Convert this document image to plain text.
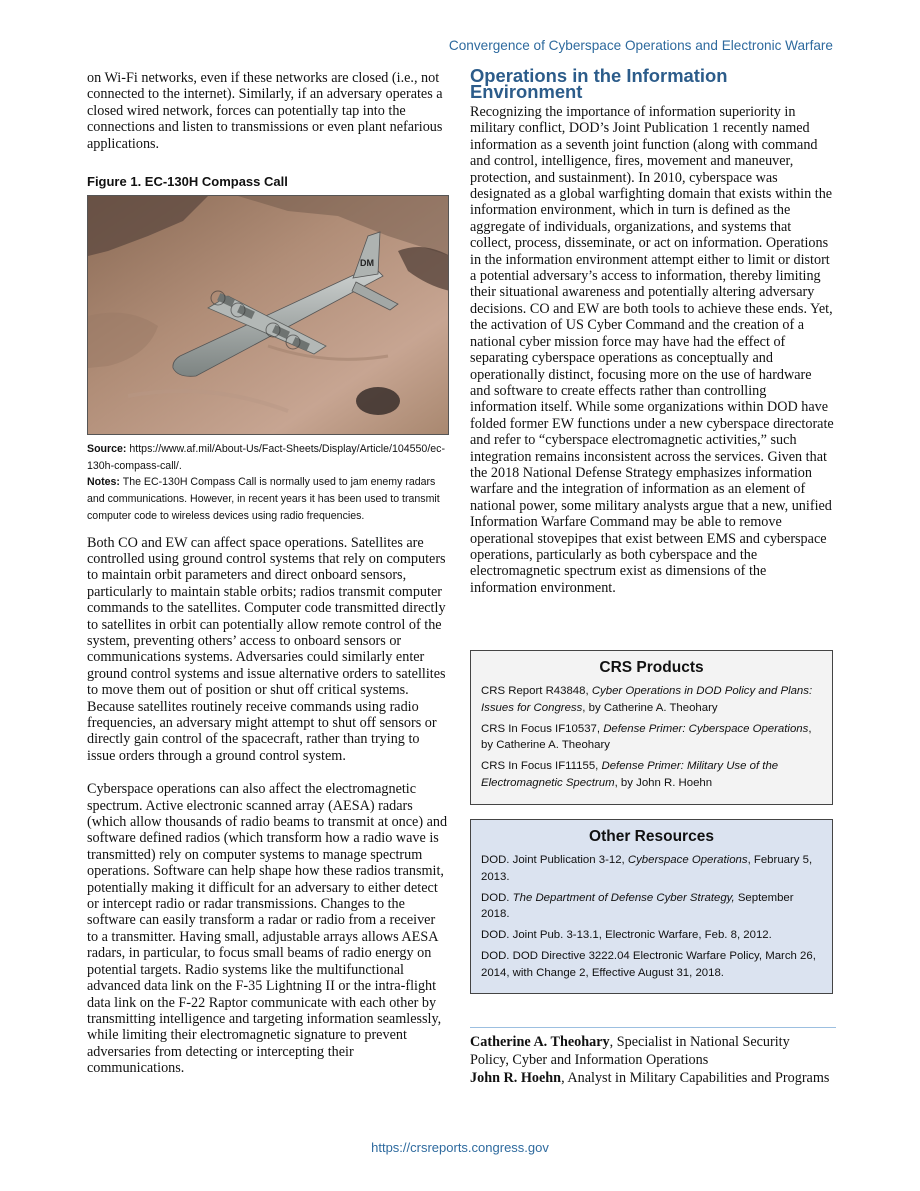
Convergence of Cyberspace Operations and Electronic Warfare

on Wi-Fi networks, even if these networks are closed (i.e., not connected to the internet). Similarly, if an adversary operates a closed wired network, forces can potentially tap into the connections and listen to transmissions or even plant nefarious applications.

Figure 1. EC-130H Compass Call
DM

Source: https://www.af.mil/About-Us/Fact-Sheets/Display/Article/104550/ec-130h-compass-call/.

Notes: The EC-130H Compass Call is normally used to jam enemy radars and communications. However, in recent years it has been used to transmit computer code to wireless devices using radio frequencies.

Both CO and EW can affect space operations. Satellites are controlled using ground control systems that rely on computers to maintain orbit parameters and direct onboard sensors, particularly to maintain stable orbits; radios transmit computer commands to the satellites. Computer code transmitted directly to satellites in orbit can potentially allow remote control of the system, preventing others’ access to onboard sensors or communications systems. Adversaries could similarly enter ground control systems and issue alternative orders to satellites to move them out of position or shut off critical systems. Because satellites routinely receive commands using radio frequencies, an adversary might attempt to shut off sensors or directly gain control of the spacecraft, rather than trying to issue orders through a ground control system.

Cyberspace operations can also affect the electromagnetic spectrum. Active electronic scanned array (AESA) radars (which allow thousands of radio beams to transmit at once) and software defined radios (which transform how a radio wave is transmitted) rely on computer systems to manage spectrum operations. Software can help shape how these radios transmit, potentially making it difficult for an adversary to either detect or intercept radio or radar transmissions. Changes to the software can easily transform a radar or radio from a receiver to a transmitter. Having small, adjustable arrays allows AESA radars, in particular, to focus small beams of radio energy on potential targets. Radio systems like the multifunctional advanced data link on the F-35 Lightning II or the intra-flight data link on the F-22 Raptor communicate with each other by transmitting intelligence and targeting information seamlessly, while limiting their electromagnetic signature to prevent adversaries from detecting or intercepting their communications.

Operations in the Information Environment

Recognizing the importance of information superiority in military conflict, DOD’s Joint Publication 1 recently named information as a seventh joint function (along with command and control, intelligence, fires, movement and maneuver, protection, and sustainment). In 2010, cyberspace was designated as a global warfighting domain that exists within the information environment, which in turn is defined as the aggregate of individuals, organizations, and systems that collect, process, disseminate, or act on information. Operations in the information environment attempt either to limit or distort a potential adversary’s access to information, thereby limiting their situational awareness and potentially altering adversary decisions. CO and EW are both tools to achieve these ends. Yet, the activation of US Cyber Command and the creation of a national cyber mission force may have had the effect of separating cyberspace operations as conceptually and operationally distinct, focusing more on the use of hardware and software to create effects rather than controlling information itself. While some organizations within DOD have folded former EW functions under a new cyberspace directorate and refer to “cyberspace electromagnetic activities,” such integration remains inconsistent across the services. Given that the 2018 National Defense Strategy emphasizes information warfare and the integration of information as an element of national power, some military analysts argue that a new, unified Information Warfare Command may be able to remove operational stovepipes that exist between EMS and cyberspace operations, particularly as both cyberspace and the electromagnetic spectrum exist as dimensions of the information environment.

CRS Products

CRS Report R43848, Cyber Operations in DOD Policy and Plans: Issues for Congress, by Catherine A. Theohary

CRS In Focus IF10537, Defense Primer: Cyberspace Operations, by Catherine A. Theohary

CRS In Focus IF11155, Defense Primer: Military Use of the Electromagnetic Spectrum, by John R. Hoehn

Other Resources

DOD. Joint Publication 3-12, Cyberspace Operations, February 5, 2013.

DOD. The Department of Defense Cyber Strategy, September 2018.

DOD. Joint Pub. 3-13.1, Electronic Warfare, Feb. 8, 2012.

DOD. DOD Directive 3222.04 Electronic Warfare Policy, March 26, 2014, with Change 2, Effective August 31, 2018.

Catherine A. Theohary, Specialist in National Security Policy, Cyber and Information Operations
John R. Hoehn, Analyst in Military Capabilities and Programs
https://crsreports.congress.gov
